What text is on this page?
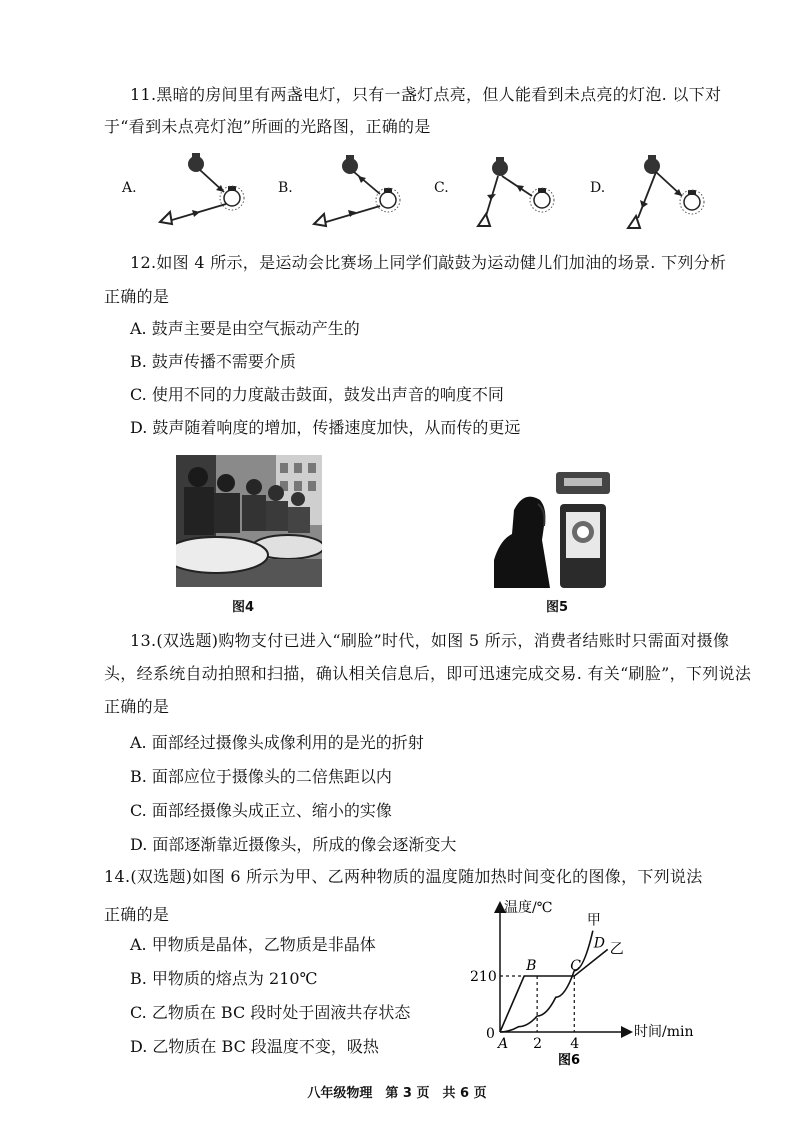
11.黑暗的房间里有两盏电灯，只有一盏灯点亮，但人能看到未点亮的灯泡. 以下对
于“看到未点亮灯泡”所画的光路图，正确的是
A.	B.	C.	D.
12.如图 4 所示，是运动会比赛场上同学们敲鼓为运动健儿们加油的场景. 下列分析
正确的是
A. 鼓声主要是由空气振动产生的
B. 鼓声传播不需要介质
C. 使用不同的力度敲击鼓面，鼓发出声音的响度不同
D. 鼓声随着响度的增加，传播速度加快，从而传的更远
图4	图5
13.(双选题)购物支付已进入“刷脸”时代，如图 5 所示，消费者结账时只需面对摄像
头，经系统自动拍照和扫描，确认相关信息后，即可迅速完成交易. 有关“刷脸”，下列说法
正确的是
A. 面部经过摄像头成像利用的是光的折射
B. 面部应位于摄像头的二倍焦距以内
C. 面部经摄像头成正立、缩小的实像
D. 面部逐渐靠近摄像头，所成的像会逐渐变大
14.(双选题)如图 6 所示为甲、乙两种物质的温度随加热时间变化的图像，下列说法
正确的是
A. 甲物质是晶体，乙物质是非晶体
B. 甲物质的熔点为 210℃
C. 乙物质在 BC 段时处于固液共存状态
D. 乙物质在 BC 段温度不变，吸热
温度/℃
时间/min
0
2 4
210
A
B C
D
甲
乙
图6
八年级物理　第 3 页　共 6 页
